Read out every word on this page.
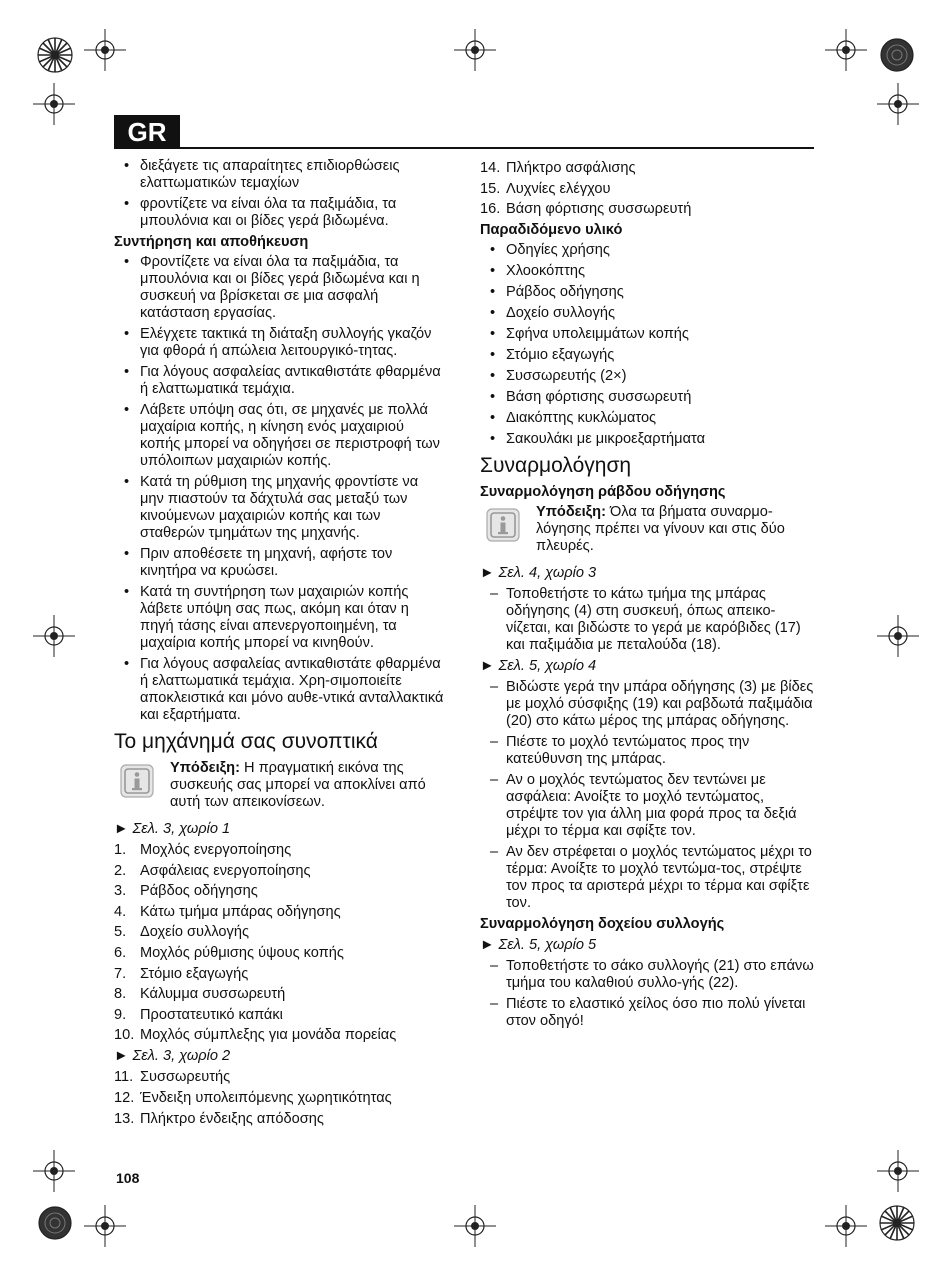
GR
• διεξάγετε τις απαραίτητες επιδιορθώσεις ελαττωματικών τεμαχίων
• φροντίζετε να είναι όλα τα παξιμάδια, τα μπουλόνια και οι βίδες γερά βιδωμένα.
Συντήρηση και αποθήκευση
• Φροντίζετε να είναι όλα τα παξιμάδια, τα μπουλόνια και οι βίδες γερά βιδωμένα και η συσκευή να βρίσκεται σε μια ασφαλή κατάσταση εργασίας.
• Ελέγχετε τακτικά τη διάταξη συλλογής γκαζόν για φθορά ή απώλεια λειτουργικό-τητας.
• Για λόγους ασφαλείας αντικαθιστάτε φθαρμένα ή ελαττωματικά τεμάχια.
• Λάβετε υπόψη σας ότι, σε μηχανές με πολλά μαχαίρια κοπής, η κίνηση ενός μαχαιριού κοπής μπορεί να οδηγήσει σε περιστροφή των υπόλοιπων μαχαιριών κοπής.
• Κατά τη ρύθμιση της μηχανής φροντίστε να μην πιαστούν τα δάχτυλά σας μεταξύ των κινούμενων μαχαιριών κοπής και των σταθερών τμημάτων της μηχανής.
• Πριν αποθέσετε τη μηχανή, αφήστε τον κινητήρα να κρυώσει.
• Κατά τη συντήρηση των μαχαιριών κοπής λάβετε υπόψη σας πως, ακόμη και όταν η πηγή τάσης είναι απενεργοποιημένη, τα μαχαίρια κοπής μπορεί να κινηθούν.
• Για λόγους ασφαλείας αντικαθιστάτε φθαρμένα ή ελαττωματικά τεμάχια. Χρη-σιμοποιείτε αποκλειστικά και μόνο αυθε-ντικά ανταλλακτικά και εξαρτήματα.
Το μηχάνημά σας συνοπτικά
Υπόδειξη: Η πραγματική εικόνα της συσκευής σας μπορεί να αποκλίνει από αυτή των απεικονίσεων.
► Σελ. 3, χωρίο 1
1. Μοχλός ενεργοποίησης
2. Ασφάλειας ενεργοποίησης
3. Ράβδος οδήγησης
4. Κάτω τμήμα μπάρας οδήγησης
5. Δοχείο συλλογής
6. Μοχλός ρύθμισης ύψους κοπής
7. Στόμιο εξαγωγής
8. Κάλυμμα συσσωρευτή
9. Προστατευτικό καπάκι
10. Μοχλός σύμπλεξης για μονάδα πορείας
► Σελ. 3, χωρίο 2
11. Συσσωρευτής
12. Ένδειξη υπολειπόμενης χωρητικότητας
13. Πλήκτρο ένδειξης απόδοσης
14. Πλήκτρο ασφάλισης
15. Λυχνίες ελέγχου
16. Βάση φόρτισης συσσωρευτή
Παραδιδόμενο υλικό
• Οδηγίες χρήσης
• Χλοοκόπτης
• Ράβδος οδήγησης
• Δοχείο συλλογής
• Σφήνα υπολειμμάτων κοπής
• Στόμιο εξαγωγής
• Συσσωρευτής (2×)
• Βάση φόρτισης συσσωρευτή
• Διακόπτης κυκλώματος
• Σακουλάκι με μικροεξαρτήματα
Συναρμολόγηση
Συναρμολόγηση ράβδου οδήγησης
Υπόδειξη: Όλα τα βήματα συναρμο-λόγησης πρέπει να γίνουν και στις δύο πλευρές.
► Σελ. 4, χωρίο 3
– Τοποθετήστε το κάτω τμήμα της μπάρας οδήγησης (4) στη συσκευή, όπως απεικο-νίζεται, και βιδώστε το γερά με καρόβιδες (17) και παξιμάδια με πεταλούδα (18).
► Σελ. 5, χωρίο 4
– Βιδώστε γερά την μπάρα οδήγησης (3) με βίδες με μοχλό σύσφιξης (19) και ραβδωτά παξιμάδια (20) στο κάτω μέρος της μπάρας οδήγησης.
– Πιέστε το μοχλό τεντώματος προς την κατεύθυνση της μπάρας.
– Αν ο μοχλός τεντώματος δεν τεντώνει με ασφάλεια: Ανοίξτε το μοχλό τεντώματος, στρέψτε τον για άλλη μια φορά προς τα δεξιά μέχρι το τέρμα και σφίξτε τον.
– Αν δεν στρέφεται ο μοχλός τεντώματος μέχρι το τέρμα: Ανοίξτε το μοχλό τεντώμα-τος, στρέψτε τον προς τα αριστερά μέχρι το τέρμα και σφίξτε τον.
Συναρμολόγηση δοχείου συλλογής
► Σελ. 5, χωρίο 5
– Τοποθετήστε το σάκο συλλογής (21) στο επάνω τμήμα του καλαθιού συλλο-γής (22).
– Πιέστε το ελαστικό χείλος όσο πιο πολύ γίνεται στον οδηγό!
108
